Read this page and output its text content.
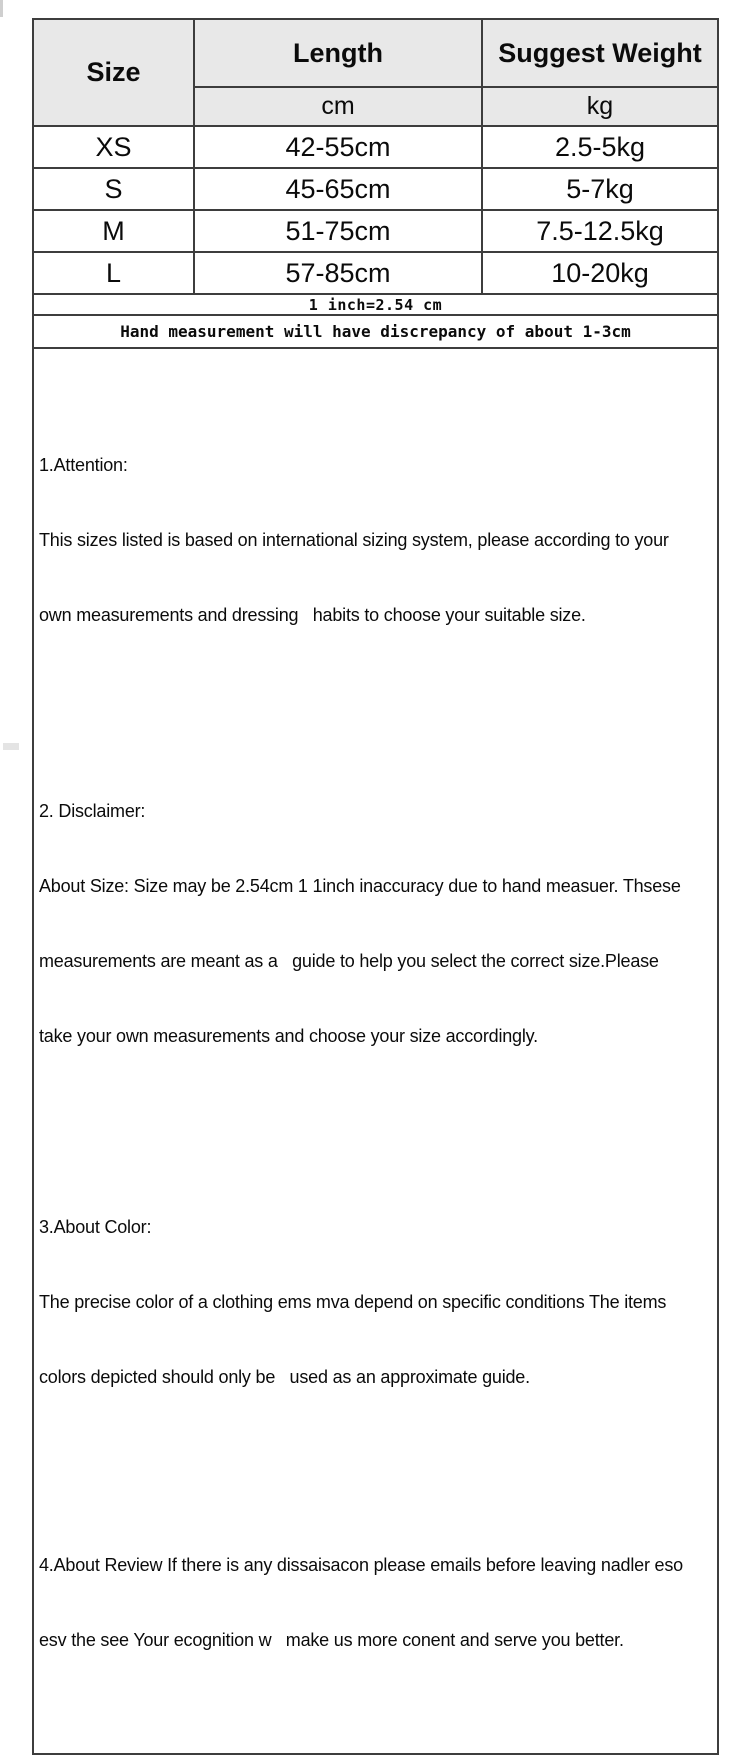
Size	Length	Suggest Weight
	cm	kg
XS	42-55cm	2.5-5kg
S	45-65cm	5-7kg
M	51-75cm	7.5-12.5kg
L	57-85cm	10-20kg
1 inch=2.54 cm		
Hand measurement will have discrepancy of about 1-3cm		

1.Attention:

This sizes listed is based on international sizing system, please according to your

own measurements and dressing   habits to choose your suitable size.

2. Disclaimer:

About Size: Size may be 2.54cm 1 1inch inaccuracy due to hand measuer. Thsese

measurements are meant as a   guide to help you select the correct size.Please

take your own measurements and choose your size accordingly.

3.About Color:

The precise color of a clothing ems mva depend on specific conditions The items

colors depicted should only be   used as an approximate guide.

4.About Review If there is any dissaisacon please emails before leaving nadler eso

esv the see Your ecognition w   make us more conent and serve you better.
